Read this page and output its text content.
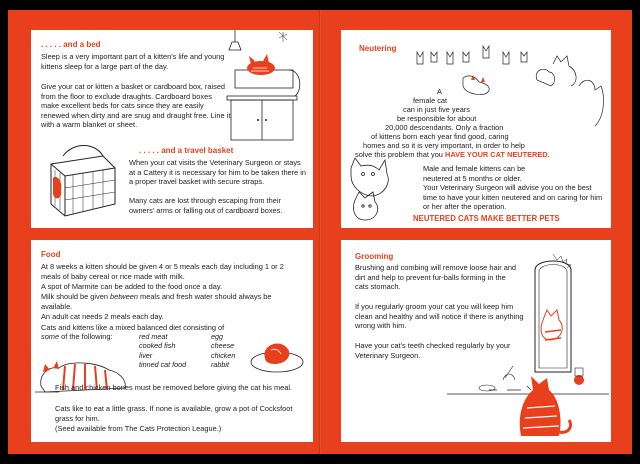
. . . . . and a bed
Sleep is a very important part of a kitten's life and young kittens sleep for a large part of the day.
Give your cat or kitten a basket or cardboard box, raised from the floor to exclude draughts. Cardboard boxes make excellent beds for cats since they are easily renewed when dirty and are snug and draught free. Line it with a warm blanket or sheet.
. . . . . and a travel basket
When your cat visits the Veterinary Surgeon or stays at a Cattery it is necessary for him to be taken there in a proper travel basket with secure straps.
Many cats are lost through escaping from their owners' arms or falling out of cardboard boxes.
Neutering
A
female cat
can in just five years
be responsible for about
20,000 descendants. Only a fraction
of kittens born each year find good, caring
homes and so it is very important, in order to help
solve this problem that you HAVE YOUR CAT NEUTERED.
Male and female kittens can be neutered at 5 months or older.
Your Veterinary Surgeon will advise you on the best time to have your kitten neutered and on caring for him or her after the operation.
NEUTERED CATS MAKE BETTER PETS
Food
At 8 weeks a kitten should be given 4 or 5 meals each day including 1 or 2 meals of baby cereal or rice made with milk.
A spot of Marmite can be added to the food once a day.
Milk should be given between meals and fresh water should always be available.
An adult cat needs 2 meals each day.
Cats and kittens like a mixed balanced diet consisting of
some of the following:	red meat
cooked fish
liver
tinned cat food
egg
cheese
chicken
rabbit
Fish and chicken bones must be removed before giving the cat his meal.
Cats like to eat a little grass. If none is available, grow a pot of Cocksfoot grass for him.
(Seed available from The Cats Protection League.)
Grooming
Brushing and combing will remove loose hair and dirt and help to prevent fur-balls forming in the cats stomach.
If you regularly groom your cat you will keep him clean and healthy and will notice if there is anything wrong with him.
Have your cat's teeth checked regularly by your Veterinary Surgeon.
